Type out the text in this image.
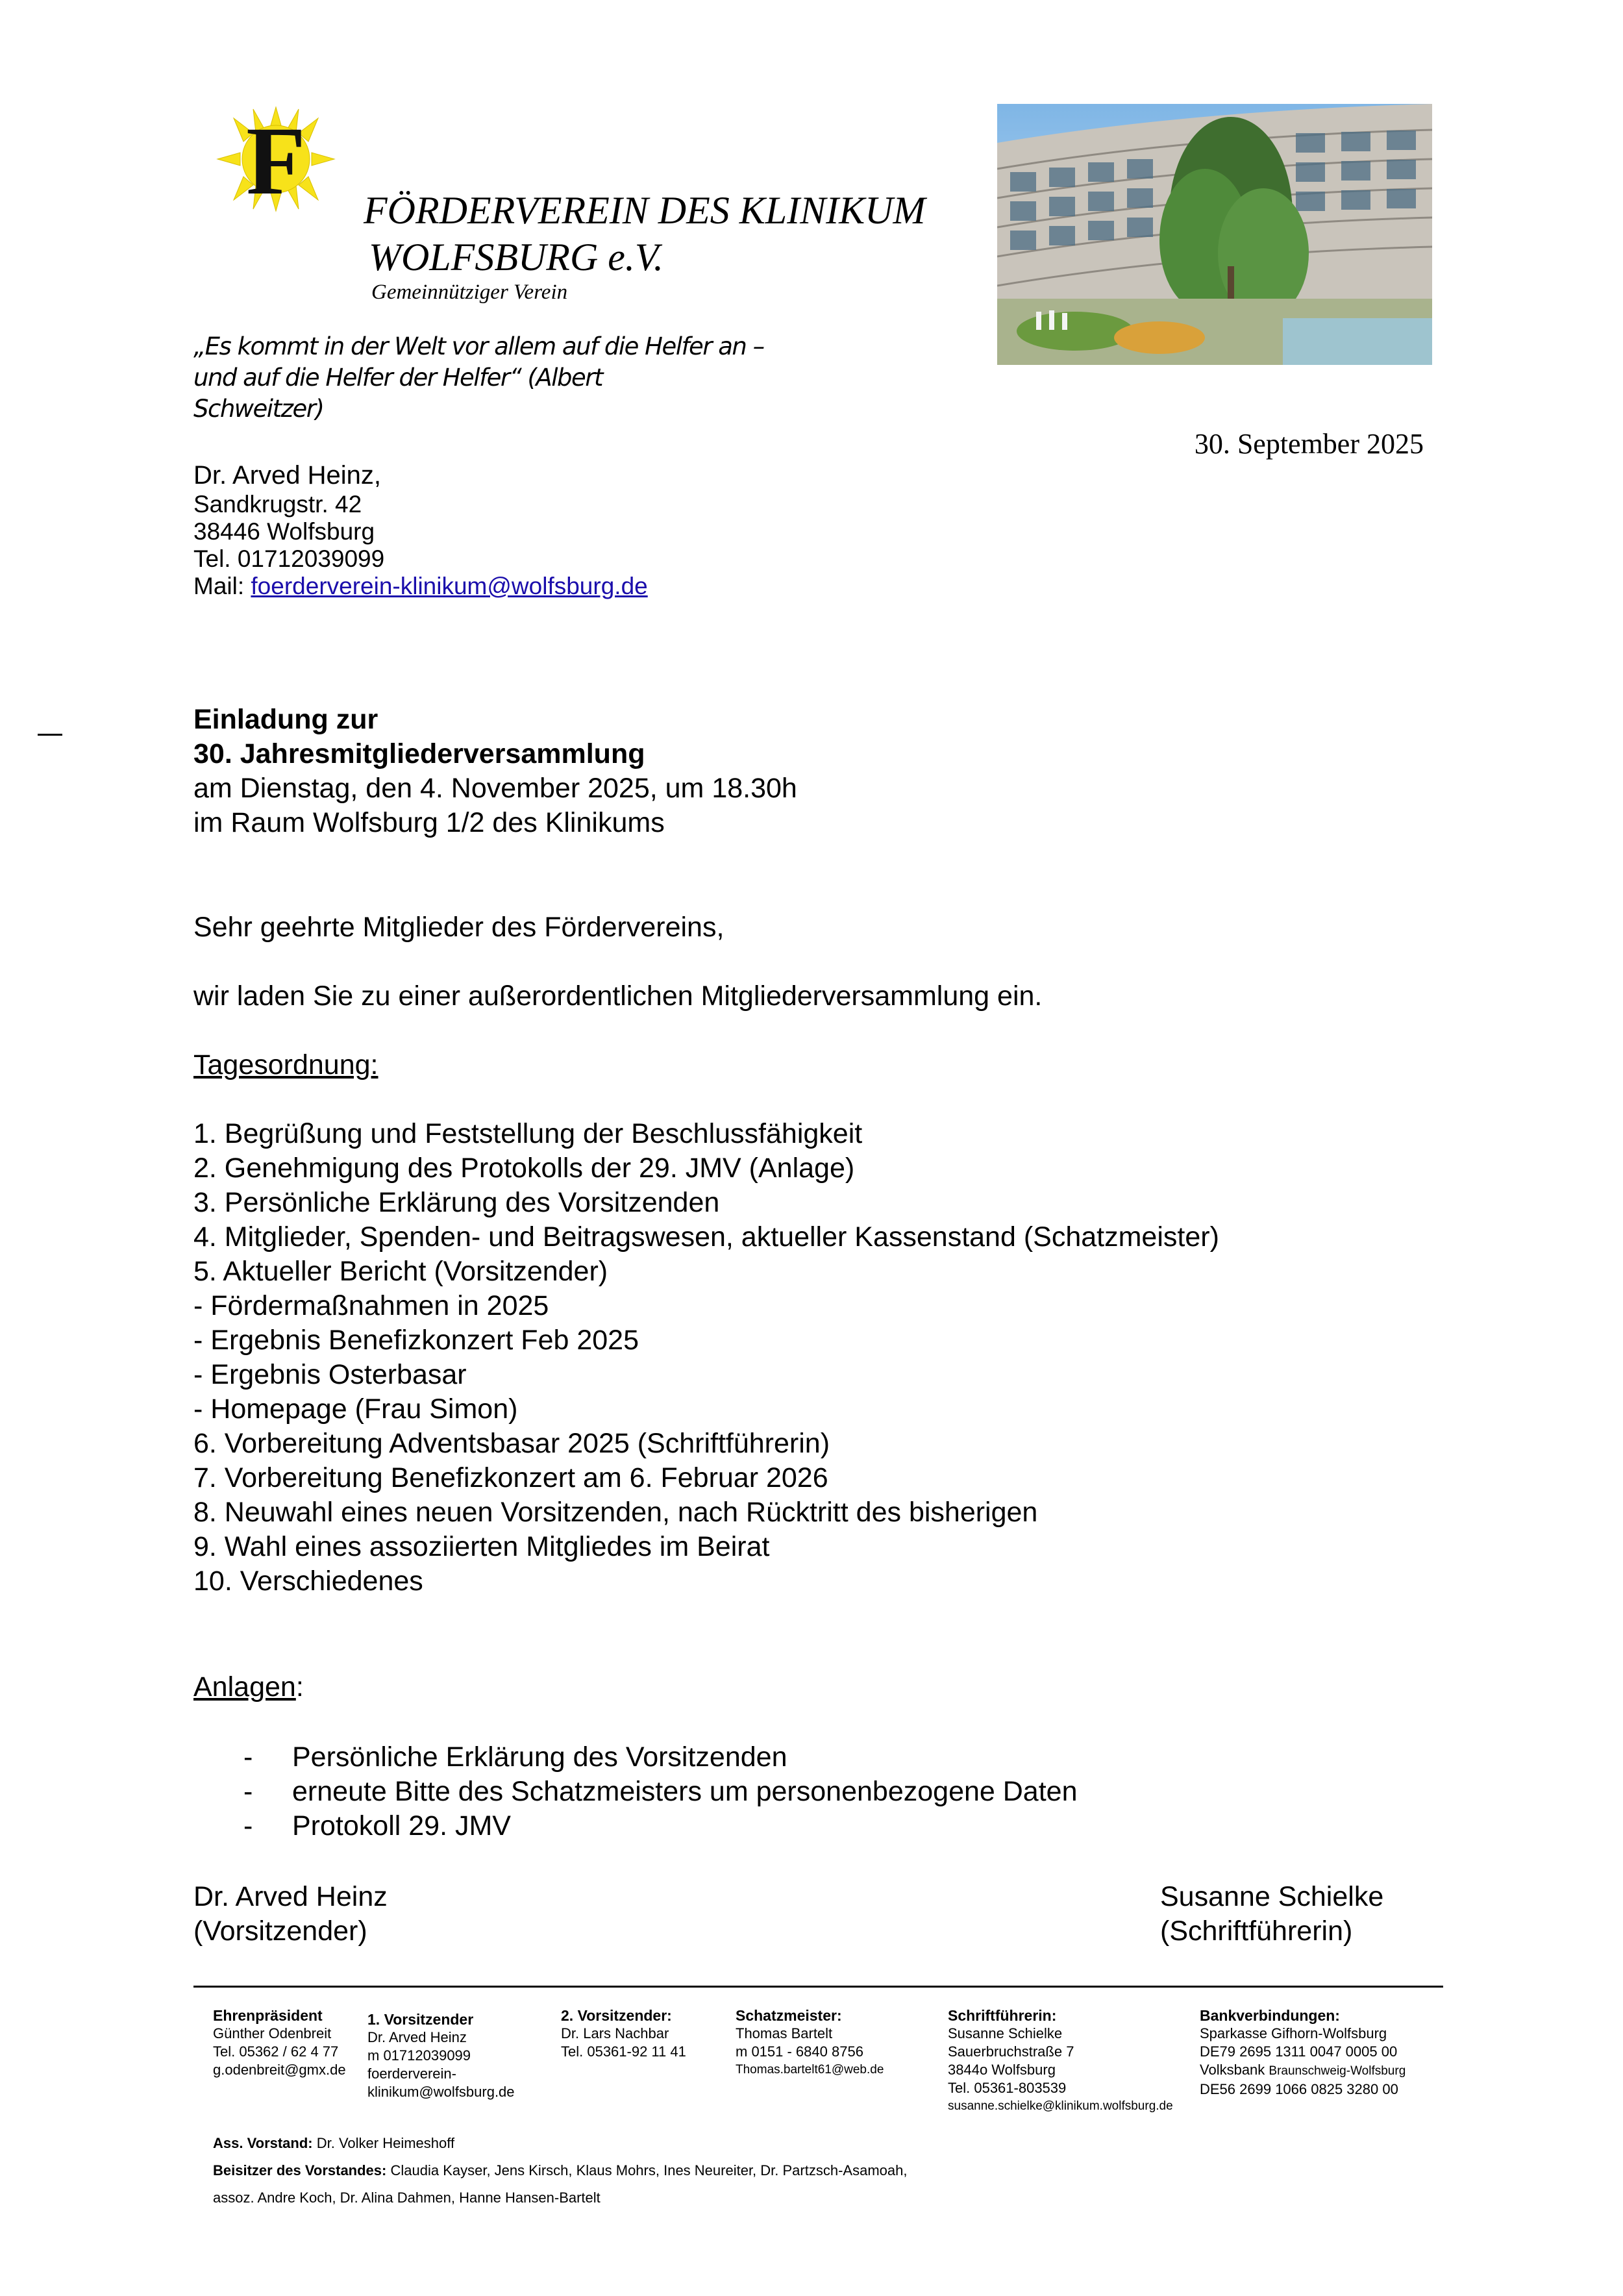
F FÖRDERVEREIN DES KLINIKUM
WOLFSBURG e.V.
Gemeinnütziger Verein
„Es kommt in der Welt vor allem auf die Helfer an –
und auf die Helfer der Helfer“ (Albert
Schweitzer)
30. September 2025
Dr. Arved Heinz,
Sandkrugstr. 42
38446 Wolfsburg
Tel. 01712039099
Mail: foerderverein-klinikum@wolfsburg.de
Einladung zur
30. Jahresmitgliederversammlung
am Dienstag, den 4. November 2025, um 18.30h
im Raum Wolfsburg 1/2 des Klinikums
Sehr geehrte Mitglieder des Fördervereins,
wir laden Sie zu einer außerordentlichen Mitgliederversammlung ein.
Tagesordnung:
1. Begrüßung und Feststellung der Beschlussfähigkeit
2. Genehmigung des Protokolls der 29. JMV (Anlage)
3. Persönliche Erklärung des Vorsitzenden
4. Mitglieder, Spenden- und Beitragswesen, aktueller Kassenstand (Schatzmeister)
5. Aktueller Bericht (Vorsitzender)
- Fördermaßnahmen in 2025
- Ergebnis Benefizkonzert Feb 2025
- Ergebnis Osterbasar
- Homepage (Frau Simon)
6. Vorbereitung Adventsbasar 2025 (Schriftführerin)
7. Vorbereitung Benefizkonzert am 6. Februar 2026
8. Neuwahl eines neuen Vorsitzenden, nach Rücktritt des bisherigen
9. Wahl eines assoziierten Mitgliedes im Beirat
10. Verschiedenes
Anlagen:
-	Persönliche Erklärung des Vorsitzenden
-	erneute Bitte des Schatzmeisters um personenbezogene Daten
-	Protokoll 29. JMV
Dr. Arved Heinz
(Vorsitzender)
Susanne Schielke
(Schriftführerin)
Ehrenpräsident
Günther Odenbreit
Tel. 05362 / 62 4 77
g.odenbreit@gmx.de
1. Vorsitzender
Dr. Arved Heinz
m 01712039099
foerderverein-
klinikum@wolfsburg.de
2. Vorsitzender:
Dr. Lars Nachbar
Tel. 05361-92 11 41
Schatzmeister:
Thomas Bartelt
m 0151 - 6840 8756
Thomas.bartelt61@web.de
Schriftführerin:
Susanne Schielke
Sauerbruchstraße 7
3844o Wolfsburg
Tel. 05361-803539
susanne.schielke@klinikum.wolfsburg.de
Bankverbindungen:
Sparkasse Gifhorn-Wolfsburg
DE79 2695 1311 0047 0005 00
Volksbank Braunschweig-Wolfsburg
DE56 2699 1066 0825 3280 00
Ass. Vorstand: Dr. Volker Heimeshoff
Beisitzer des Vorstandes: Claudia Kayser, Jens Kirsch, Klaus Mohrs, Ines Neureiter, Dr. Partzsch-Asamoah,
assoz. Andre Koch, Dr. Alina Dahmen, Hanne Hansen-Bartelt
